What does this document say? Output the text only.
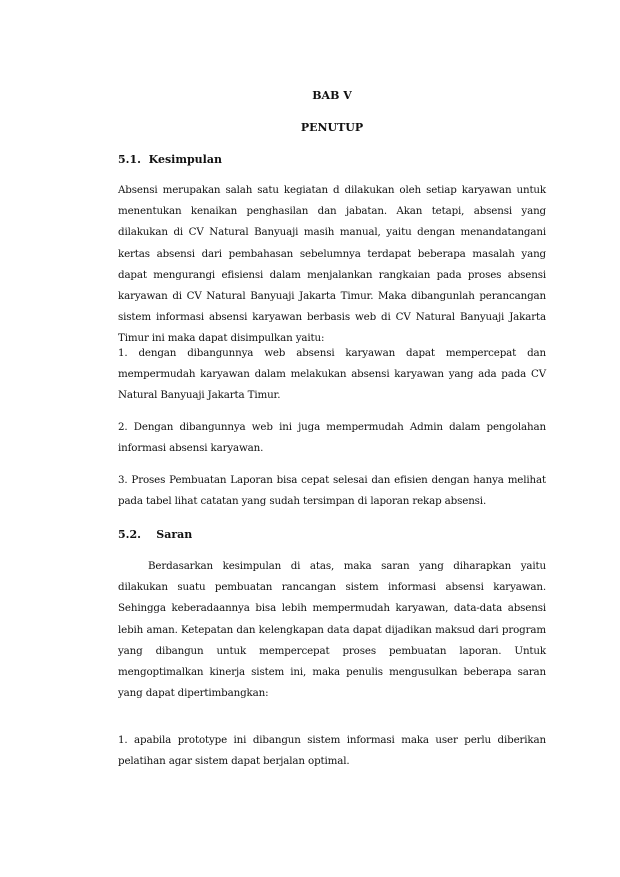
BAB V
PENUTUP
5.1.  Kesimpulan
Absensi merupakan salah satu kegiatan d dilakukan oleh setiap karyawan untuk menentukan kenaikan penghasilan dan jabatan. Akan tetapi, absensi yang dilakukan di CV Natural Banyuaji masih manual, yaitu dengan menandatangani kertas absensi dari pembahasan sebelumnya terdapat beberapa masalah yang dapat mengurangi efisiensi dalam menjalankan rangkaian pada proses absensi karyawan di CV Natural Banyuaji Jakarta Timur. Maka dibangunlah perancangan sistem informasi absensi karyawan berbasis web di CV Natural Banyuaji Jakarta Timur ini maka dapat disimpulkan yaitu:
1. dengan dibangunnya web absensi karyawan dapat mempercepat dan mempermudah karyawan dalam melakukan absensi karyawan yang ada pada CV Natural Banyuaji Jakarta Timur.
2. Dengan dibangunnya web ini juga mempermudah Admin dalam pengolahan informasi absensi karyawan.
3. Proses Pembuatan Laporan bisa cepat selesai dan efisien dengan hanya melihat pada tabel lihat catatan yang sudah tersimpan di laporan rekap absensi.
5.2.    Saran
Berdasarkan kesimpulan di atas, maka saran yang diharapkan yaitu dilakukan suatu pembuatan rancangan sistem informasi absensi karyawan. Sehingga keberadaannya bisa lebih mempermudah karyawan, data-data absensi lebih aman. Ketepatan dan kelengkapan data dapat dijadikan maksud dari program yang dibangun untuk mempercepat proses pembuatan laporan. Untuk mengoptimalkan kinerja sistem ini, maka penulis mengusulkan beberapa saran yang dapat dipertimbangkan:
1. apabila prototype ini dibangun sistem informasi maka user perlu diberikan pelatihan agar sistem dapat berjalan optimal.
